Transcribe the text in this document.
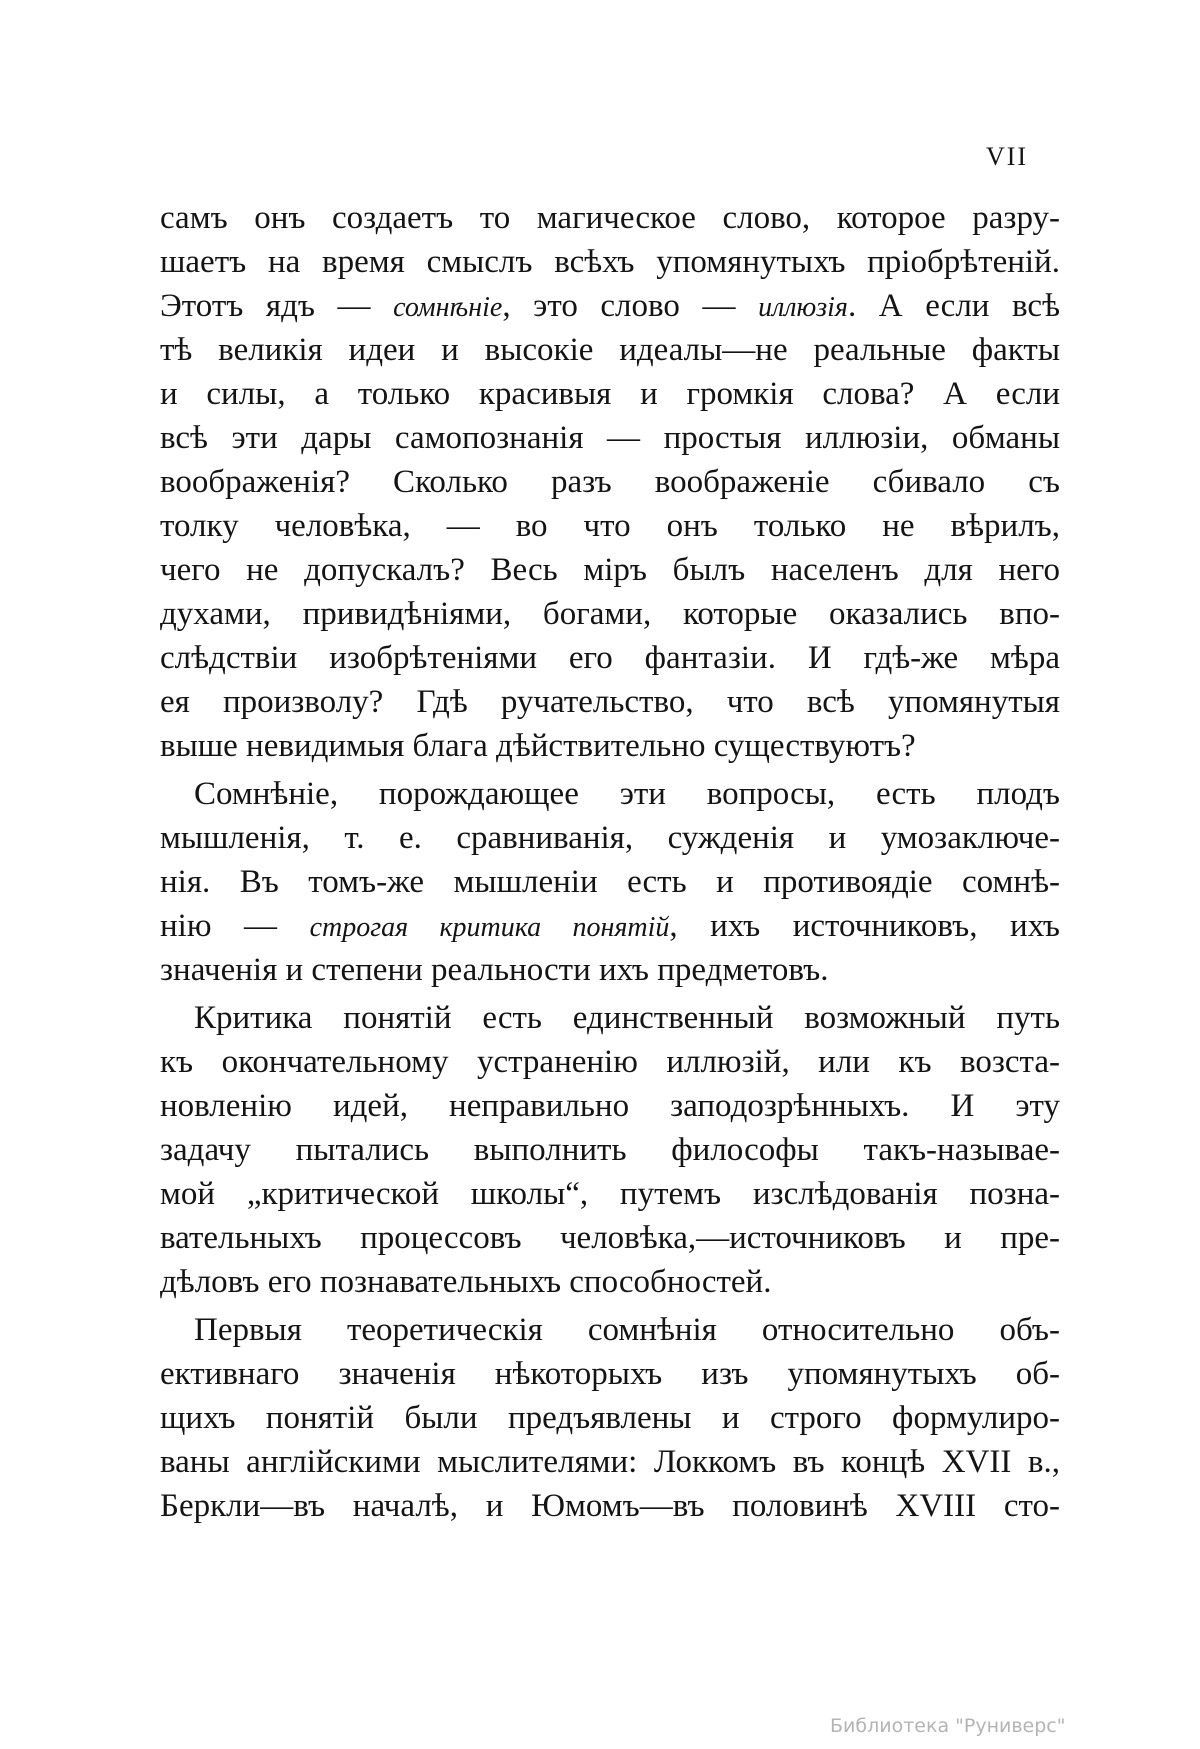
VII
самъ онъ создаетъ то магическое слово, которое разру-
шаетъ на время смыслъ всѣхъ упомянутыхъ пріобрѣтеній.
Этотъ ядъ — сомнѣніе, это слово — иллюзія. А если всѣ
тѣ великія идеи и высокіе идеалы—не реальные факты
и силы, а только красивыя и громкія слова? А если
всѣ эти дары самопознанія — простыя иллюзіи, обманы
воображенія? Сколько разъ воображеніе сбивало съ
толку человѣка, — во что онъ только не вѣрилъ,
чего не допускалъ? Весь міръ былъ населенъ для него
духами, привидѣніями, богами, которые оказались впо-
слѣдствіи изобрѣтеніями его фантазіи. И гдѣ-же мѣра
ея произволу? Гдѣ ручательство, что всѣ упомянутыя
выше невидимыя блага дѣйствительно существуютъ?
Сомнѣніе, порождающее эти вопросы, есть плодъ
мышленія, т. е. сравниванія, сужденія и умозаключе-
нія. Въ томъ-же мышленіи есть и противоядіе сомнѣ-
нію — строгая критика понятій, ихъ источниковъ, ихъ
значенія и степени реальности ихъ предметовъ.
Критика понятій есть единственный возможный путь
къ окончательному устраненію иллюзій, или къ возста-
новленію идей, неправильно заподозрѣнныхъ. И эту
задачу пытались выполнить философы такъ-называе-
мой „критической школы“, путемъ изслѣдованія позна-
вательныхъ процессовъ человѣка,—источниковъ и пре-
дѣловъ его познавательныхъ способностей.
Первыя теоретическія сомнѣнія относительно объ-
ективнаго значенія нѣкоторыхъ изъ упомянутыхъ об-
щихъ понятій были предъявлены и строго формулиро-
ваны англійскими мыслителями: Локкомъ въ концѣ XVII в.,
Беркли—въ началѣ, и Юмомъ—въ половинѣ XVIII сто-
Библиотека "Руниверс"
